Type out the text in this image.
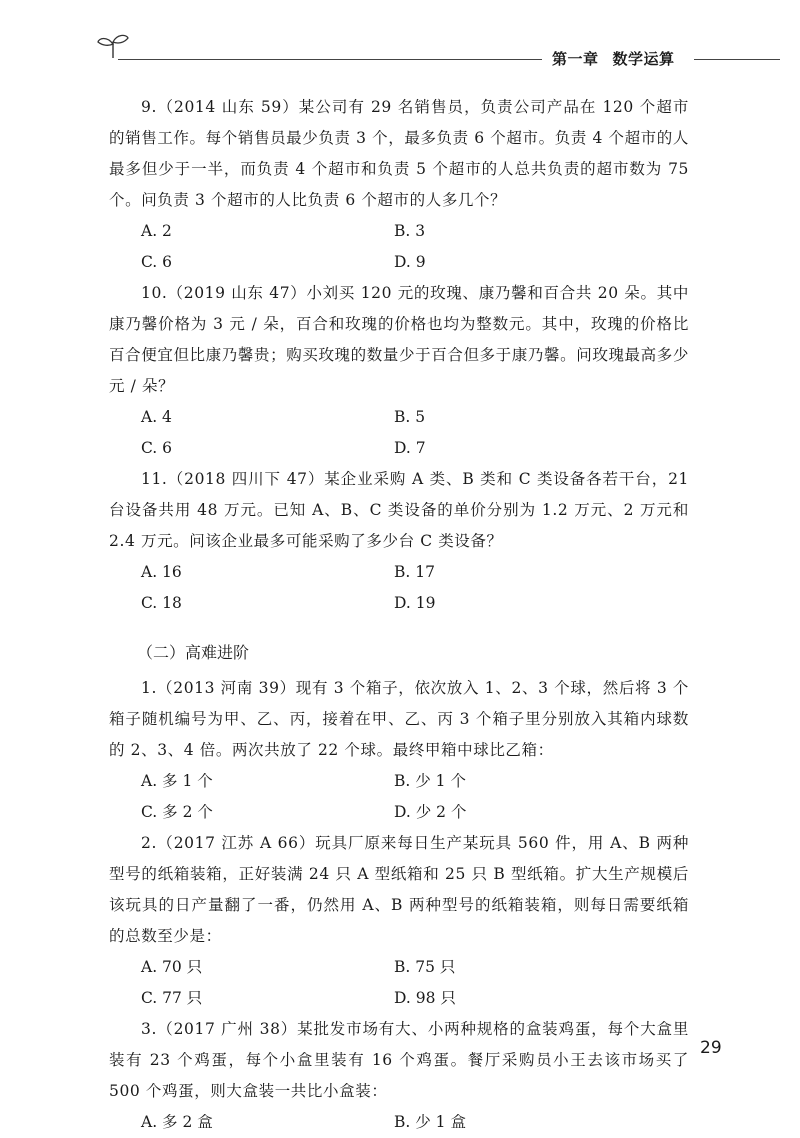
第一章 数学运算
9.（2014 山东 59）某公司有 29 名销售员，负责公司产品在 120 个超市的销售工作。每个销售员最少负责 3 个，最多负责 6 个超市。负责 4 个超市的人最多但少于一半，而负责 4 个超市和负责 5 个超市的人总共负责的超市数为 75 个。问负责 3 个超市的人比负责 6 个超市的人多几个？
A. 2	B. 3
C. 6	D. 9
10.（2019 山东 47）小刘买 120 元的玫瑰、康乃馨和百合共 20 朵。其中康乃馨价格为 3 元 / 朵，百合和玫瑰的价格也均为整数元。其中，玫瑰的价格比百合便宜但比康乃馨贵；购买玫瑰的数量少于百合但多于康乃馨。问玫瑰最高多少元 / 朵？
A. 4	B. 5
C. 6	D. 7
11.（2018 四川下 47）某企业采购 A 类、B 类和 C 类设备各若干台，21 台设备共用 48 万元。已知 A、B、C 类设备的单价分别为 1.2 万元、2 万元和 2.4 万元。问该企业最多可能采购了多少台 C 类设备？
A. 16	B. 17
C. 18	D. 19
（二）高难进阶
1.（2013 河南 39）现有 3 个箱子，依次放入 1、2、3 个球，然后将 3 个箱子随机编号为甲、乙、丙，接着在甲、乙、丙 3 个箱子里分别放入其箱内球数的 2、3、4 倍。两次共放了 22 个球。最终甲箱中球比乙箱：
A. 多 1 个	B. 少 1 个
C. 多 2 个	D. 少 2 个
2.（2017 江苏 A 66）玩具厂原来每日生产某玩具 560 件，用 A、B 两种型号的纸箱装箱，正好装满 24 只 A 型纸箱和 25 只 B 型纸箱。扩大生产规模后该玩具的日产量翻了一番，仍然用 A、B 两种型号的纸箱装箱，则每日需要纸箱的总数至少是：
A. 70 只	B. 75 只
C. 77 只	D. 98 只
3.（2017 广州 38）某批发市场有大、小两种规格的盒装鸡蛋，每个大盒里装有 23 个鸡蛋，每个小盒里装有 16 个鸡蛋。餐厅采购员小王去该市场买了 500 个鸡蛋，则大盒装一共比小盒装：
A. 多 2 盒	B. 少 1 盒
29
